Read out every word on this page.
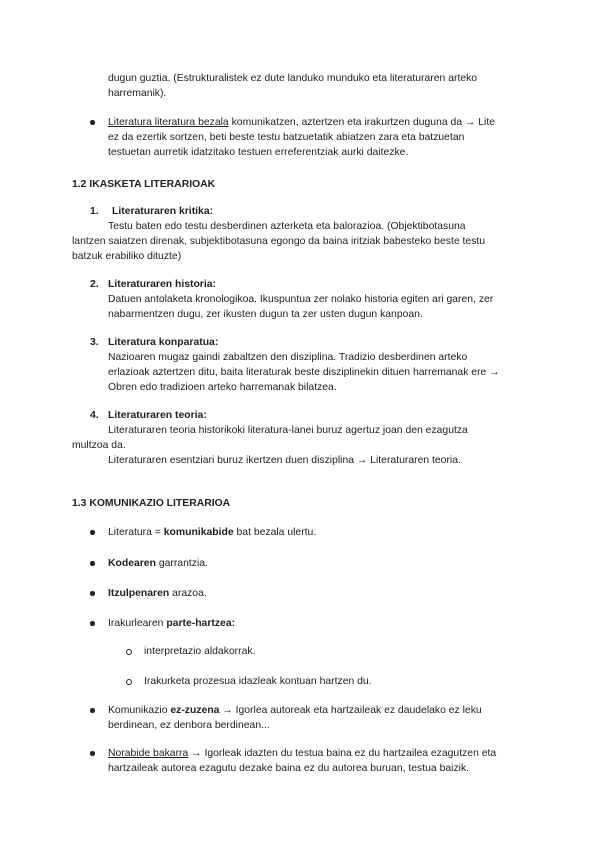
dugun guztia. (Estrukturalistek ez dute landuko munduko eta literaturaren arteko
harremanik).
Literatura literatura bezala komunikatzen, aztertzen eta irakurtzen duguna da → Lite
ez da ezertik sortzen, beti beste testu batzuetatik abiatzen zara eta batzuetan
testuetan aurretik idatzitako testuen erreferentziak aurki daitezke.
1.2 IKASKETA LITERARIOAK
1. Literaturaren kritika:
Testu baten edo testu desberdinen azterketa eta balorazioa. (Objektibotasuna
lantzen saiatzen direnak, subjektibotasuna egongo da baina iritziak babesteko beste testu
batzuk erabiliko dituzte)
2. Literaturaren historia:
Datuen antolaketa kronologikoa. Ikuspuntua zer nolako historia egiten ari garen, zer
nabarmentzen dugu, zer ikusten dugun ta zer usten dugun kanpoan.
3. Literatura konparatua:
Nazioaren mugaz gaindi zabaltzen den disziplina. Tradizio desberdinen arteko
erlazioak aztertzen ditu, baita literaturak beste disziplinekin dituen harremanak ere →
Obren edo tradizioen arteko harremanak bilatzea.
4. Literaturaren teoria:
Literaturaren teoria historikoki literatura-lanei buruz agertuz joan den ezagutza
multzoa da.
Literaturaren esentziari buruz ikertzen duen disziplina → Literaturaren teoria.
1.3 KOMUNIKAZIO LITERARIOA
Literatura = komunikabide bat bezala ulertu.
Kodearen garrantzia.
Itzulpenaren arazoa.
Irakurlearen parte-hartzea:
interpretazio aldakorrak.
Irakurketa prozesua idazleak kontuan hartzen du.
Komunikazio ez-zuzena → Igorlea autoreak eta hartzaileak ez daudelako ez leku
berdinean, ez denbora berdinean...
Norabide bakarra → Igorleak idazten du testua baina ez du hartzailea ezagutzen eta
hartzaileak autorea ezagutu dezake baina ez du autorea buruan, testua baizik.
